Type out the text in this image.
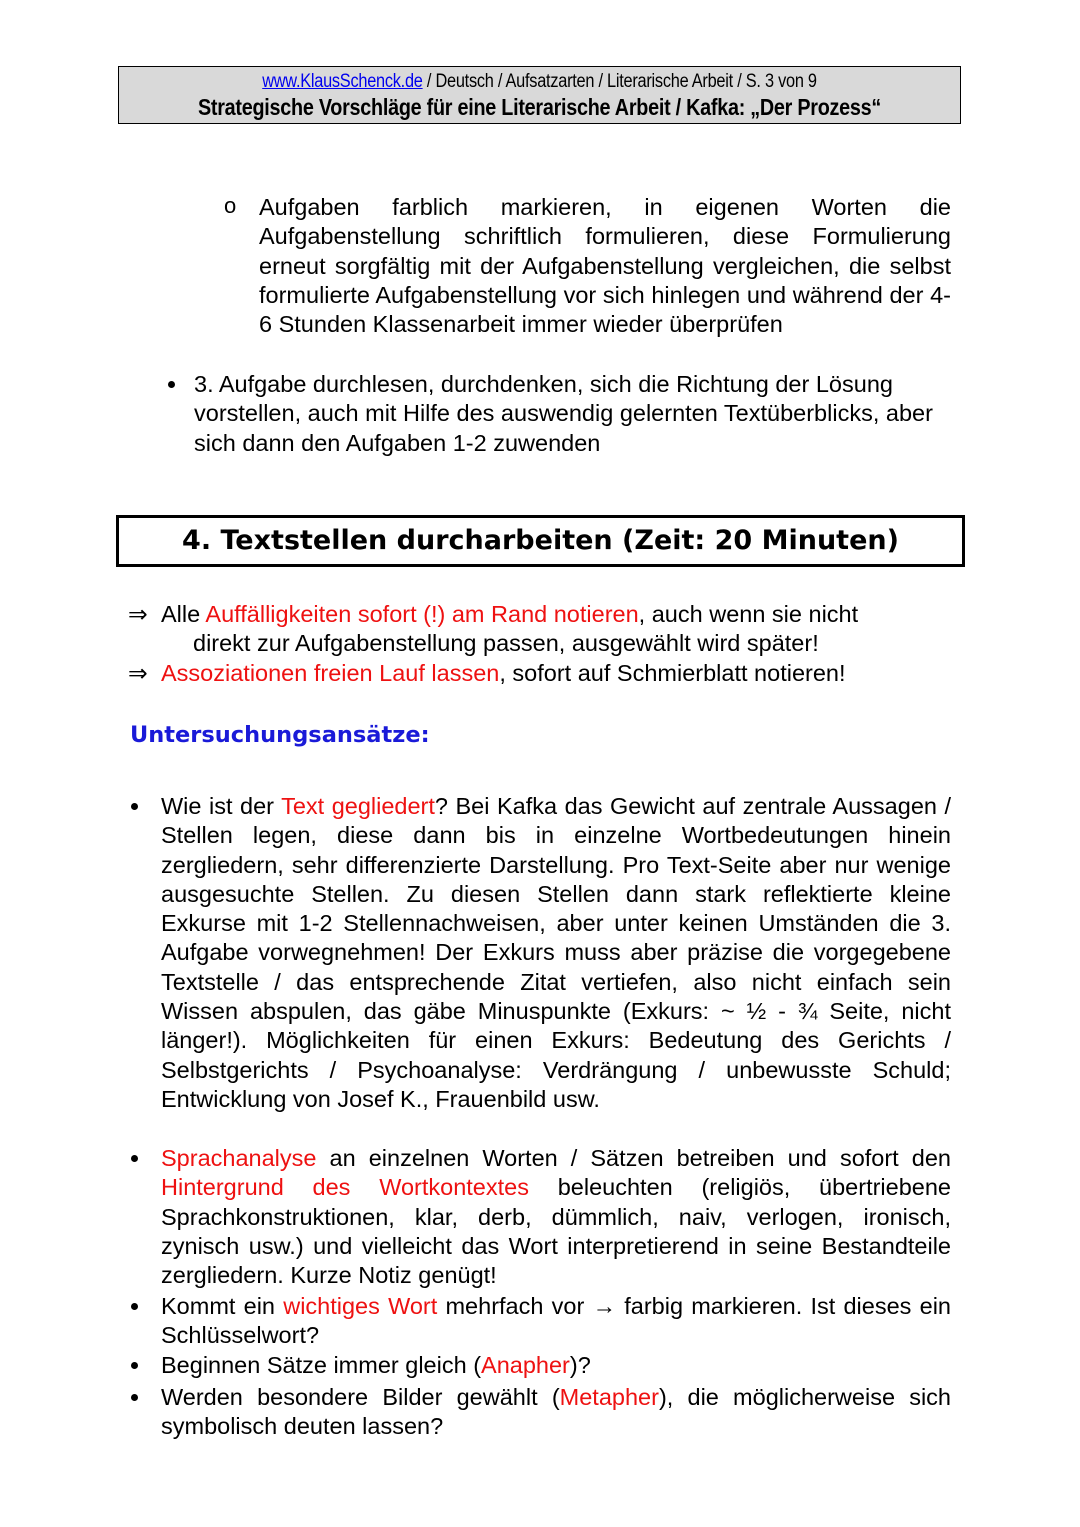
www.KlausSchenck.de / Deutsch / Aufsatzarten / Literarische Arbeit / S. 3 von 9
Strategische Vorschläge für eine Literarische Arbeit / Kafka: „Der Prozess“
o Aufgaben farblich markieren, in eigenen Worten die Aufgabenstellung schriftlich formulieren, diese Formulierung erneut sorgfältig mit der Aufgabenstellung vergleichen, die selbst formulierte Aufgabenstellung vor sich hinlegen und während der 4-6 Stunden Klassenarbeit immer wieder überprüfen
3. Aufgabe durchlesen, durchdenken, sich die Richtung der Lösung vorstellen, auch mit Hilfe des auswendig gelernten Textüberblicks, aber sich dann den Aufgaben 1-2 zuwenden
4. Textstellen durcharbeiten (Zeit: 20 Minuten)
⇒ Alle Auffälligkeiten sofort (!) am Rand notieren, auch wenn sie nicht
direkt zur Aufgabenstellung passen, ausgewählt wird später!
⇒ Assoziationen freien Lauf lassen, sofort auf Schmierblatt notieren!
Untersuchungsansätze:
Wie ist der Text gegliedert? Bei Kafka das Gewicht auf zentrale Aussagen / Stellen legen, diese dann bis in einzelne Wortbedeutungen hinein zergliedern, sehr differenzierte Darstellung. Pro Text-Seite aber nur wenige ausgesuchte Stellen. Zu diesen Stellen dann stark reflektierte kleine Exkurse mit 1-2 Stellennachweisen, aber unter keinen Umständen die 3. Aufgabe vorwegnehmen! Der Exkurs muss aber präzise die vorgegebene Textstelle / das entsprechende Zitat vertiefen, also nicht einfach sein Wissen abspulen, das gäbe Minuspunkte (Exkurs: ~ ½ - ¾ Seite, nicht länger!). Möglichkeiten für einen Exkurs: Bedeutung des Gerichts / Selbstgerichts / Psychoanalyse: Verdrängung / unbewusste Schuld; Entwicklung von Josef K., Frauenbild usw.
Sprachanalyse an einzelnen Worten / Sätzen betreiben und sofort den Hintergrund des Wortkontextes beleuchten (religiös, übertriebene Sprachkonstruktionen, klar, derb, dümmlich, naiv, verlogen, ironisch, zynisch usw.) und vielleicht das Wort interpretierend in seine Bestandteile zergliedern. Kurze Notiz genügt!
Kommt ein wichtiges Wort mehrfach vor → farbig markieren. Ist dieses ein Schlüsselwort?
Beginnen Sätze immer gleich (Anapher)?
Werden besondere Bilder gewählt (Metapher), die möglicherweise sich symbolisch deuten lassen?
